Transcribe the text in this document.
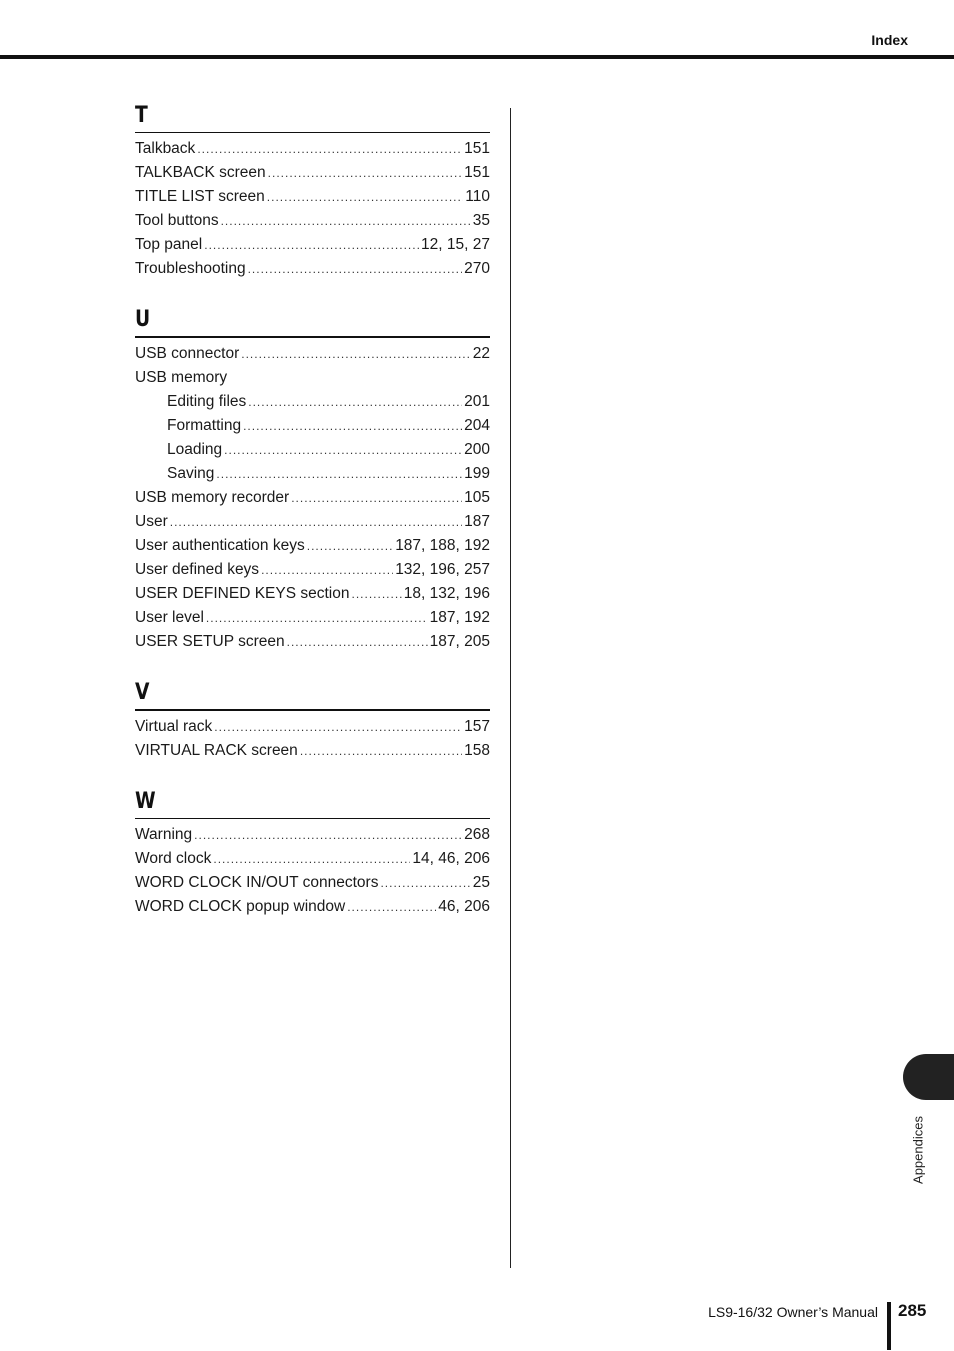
Index
T
Talkback .....	151
TALKBACK screen .....	151
TITLE LIST screen .....	110
Tool buttons .....	35
Top panel .....	12, 15, 27
Troubleshooting .....	270
U
USB connector .....	22
USB memory
Editing files .....	201
Formatting .....	204
Loading .....	200
Saving .....	199
USB memory recorder .....	105
User .....	187
User authentication keys .....	187, 188, 192
User defined keys .....	132, 196, 257
USER DEFINED KEYS section .....	18, 132, 196
User level .....	187, 192
USER SETUP screen .....	187, 205
V
Virtual rack .....	157
VIRTUAL RACK screen .....	158
W
Warning .....	268
Word clock .....	14, 46, 206
WORD CLOCK IN/OUT connectors .....	25
WORD CLOCK popup window .....	46, 206
Appendices
LS9-16/32 Owner’s Manual 285
